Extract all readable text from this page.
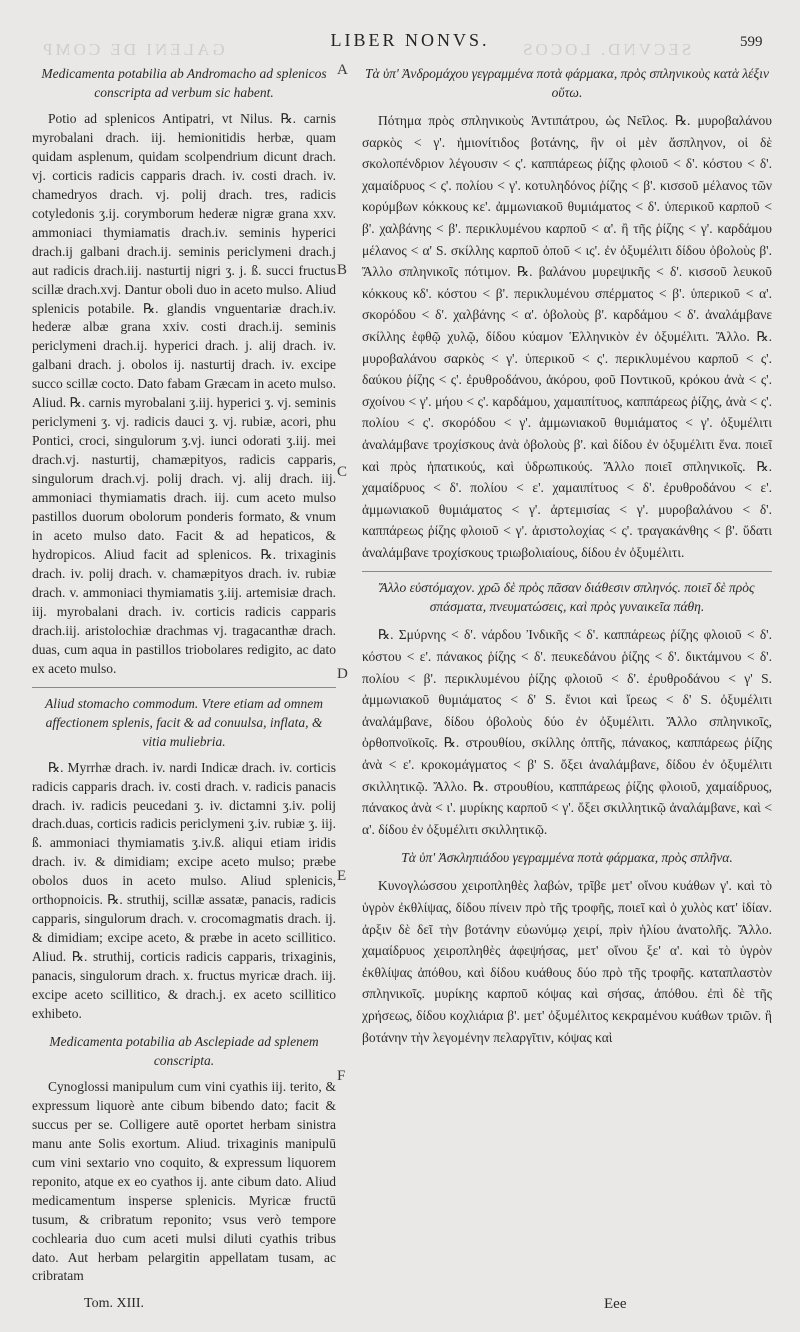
GALENI DE COMP	SECVND. LOCOS
LIBER NONVS.	599
Medicamenta potabilia ab Andromacho ad splenicos conscripta ad verbum sic habent.

Potio ad splenicos Antipatri, vt Nilus. ℞. carnis myrobalani drach. iij. hemionitidis herbæ, quam quidam asplenum, quidam scolpendrium dicunt drach. vj. corticis radicis capparis drach. iv. costi drach. iv. chamedryos drach. vj. polij drach. tres, radicis cotyledonis ʒ.ij. corymborum hederæ nigræ grana xxv. ammoniaci thymiamatis drach.iv. seminis hyperici drach.ij galbani drach.ij. seminis periclymeni drach.j aut radicis drach.iij. nasturtij nigri ʒ. j. ß. succi fructus scillæ drach.xvj. Dantur oboli duo in aceto mulso. Aliud splenicis potabile. ℞. glandis vnguentariæ drach.iv. hederæ albæ grana xxiv. costi drach.ij. seminis periclymeni drach.ij. hyperici drach. j. alij drach. iv. galbani drach. j. obolos ij. nasturtij drach. iv. excipe succo scillæ cocto. Dato fabam Græcam in aceto mulso. Aliud. ℞. carnis myrobalani ʒ.iij. hyperici ʒ. vj. seminis periclymeni ʒ. vj. radicis dauci ʒ. vj. rubiæ, acori, phu Pontici, croci, singulorum ʒ.vj. iunci odorati ʒ.iij. mei drach.vj. nasturtij, chamæpityos, radicis capparis, singulorum drach.vj. polij drach. vj. alij drach. iij. ammoniaci thymiamatis drach. iij. cum aceto mulso pastillos duorum obolorum ponderis formato, & vnum in aceto mulso dato. Facit & ad hepaticos, & hydropicos. Aliud facit ad splenicos. ℞. trixaginis drach. iv. polij drach. v. chamæpityos drach. iv. rubiæ drach. v. ammoniaci thymiamatis ʒ.iij. artemisiæ drach. iij. myrobalani drach. iv. corticis radicis capparis drach.iij. aristolochiæ drachmas vj. tragacanthæ drach. duas, cum aqua in pastillos triobolares redigito, ac dato ex aceto mulso.

Aliud stomacho commodum. Vtere etiam ad omnem affectionem splenis, facit & ad conuulsa, inflata, & vitia muliebria.

℞. Myrrhæ drach. iv. nardi Indicæ drach. iv. corticis radicis capparis drach. iv. costi drach. v. radicis panacis drach. iv. radicis peucedani ʒ. iv. dictamni ʒ.iv. polij drach.duas, corticis radicis periclymeni ʒ.iv. rubiæ ʒ. iij. ß. ammoniaci thymiamatis ʒ.iv.ß. aliqui etiam iridis drach. iv. & dimidiam; excipe aceto mulso; præbe obolos duos in aceto mulso. Aliud splenicis, orthopnoicis. ℞. struthij, scillæ assatæ, panacis, radicis capparis, singulorum drach. v. crocomagmatis drach. ij. & dimidiam; excipe aceto, & præbe in aceto scillitico. Aliud. ℞. struthij, corticis radicis capparis, trixaginis, panacis, singulorum drach. x. fructus myricæ drach. iij. excipe aceto scillitico, & drach.j. ex aceto scillitico exhibeto.

Medicamenta potabilia ab Asclepiade ad splenem conscripta.

Cynoglossi manipulum cum vini cyathis iij. terito, & expressum liquorè ante cibum bibendo dato; facit & succus per se. Colligere autē oportet herbam sinistra manu ante Solis exortum. Aliud. trixaginis manipulū cum vini sextario vno coquito, & expressum liquorem reponito, atque ex eo cyathos ij. ante cibum dato. Aliud medicamentum insperse splenicis. Myricæ fructū tusum, & cribratum reponito; vsus verò tempore cochlearia duo cum aceti mulsi diluti cyathis tribus dato. Aut herbam pelargitin appellatam tusam, ac cribratam

A
B
C
D
E
F
Τὰ ὑπ' Ἀνδρομάχου γεγραμμένα ποτὰ φάρμακα, πρὸς σπληνικοὺς κατὰ λέξιν οὕτω.

Πότημα πρὸς σπληνικοὺς Ἀντιπάτρου, ὡς Νεῖλος. ℞. μυροβαλάνου σαρκὸς < γ'. ἡμιονίτιδος βοτάνης, ἣν οἱ μὲν ἄσπληνον, οἱ δὲ σκολοπένδριον λέγουσιν < ς'. καππάρεως ῥίζης φλοιοῦ < δ'. κόστου < δ'. χαμαίδρυος < ς'. πολίου < γ'. κοτυληδόνος ῥίζης < β'. κισσοῦ μέλανος τῶν κορύμβων κόκκους κε'. ἀμμωνιακοῦ θυμιάματος < δ'. ὑπερικοῦ καρποῦ < β'. χαλβάνης < β'. περικλυμένου καρποῦ < α'. ἢ τῆς ῥίζης < γ'. καρδάμου μέλανος < α' S. σκίλλης καρποῦ ὀποῦ < ις'. ἐν ὀξυμέλιτι δίδου ὀβολοὺς β'. Ἄλλο σπληνικοῖς πότιμον. ℞. βαλάνου μυρεψικῆς < δ'. κισσοῦ λευκοῦ κόκκους κδ'. κόστου < β'. περικλυμένου σπέρματος < β'. ὑπερικοῦ < α'. σκορόδου < δ'. χαλβάνης < α'. ὀβολοὺς β'. καρδάμου < δ'. ἀναλάμβανε σκίλλης ἑφθῷ χυλῷ, δίδου κύαμον Ἑλληνικὸν ἐν ὀξυμέλιτι. Ἄλλο. ℞. μυροβαλάνου σαρκὸς < γ'. ὑπερικοῦ < ς'. περικλυμένου καρποῦ < ς'. δαύκου ῥίζης < ς'. ἐρυθροδάνου, ἀκόρου, φοῦ Ποντικοῦ, κρόκου ἀνὰ < ς'. σχοίνου < γ'. μήου < ς'. καρδάμου, χαμαιπίτυος, καππάρεως ῥίζης, ἀνὰ < ς'. πολίου < ς'. σκορόδου < γ'. ἀμμωνιακοῦ θυμιάματος < γ'. ὀξυμέλιτι ἀναλάμβανε τροχίσκους ἀνὰ ὀβολοὺς β'. καὶ δίδου ἐν ὀξυμέλιτι ἕνα. ποιεῖ καὶ πρὸς ἡπατικούς, καὶ ὑδρωπικούς. Ἄλλο ποιεῖ σπληνικοῖς. ℞. χαμαίδρυος < δ'. πολίου < ε'. χαμαιπίτυος < δ'. ἐρυθροδάνου < ε'. ἀμμωνιακοῦ θυμιάματος < γ'. ἀρτεμισίας < γ'. μυροβαλάνου < δ'. καππάρεως ῥίζης φλοιοῦ < γ'. ἀριστολοχίας < ς'. τραγακάνθης < β'. ὕδατι ἀναλάμβανε τροχίσκους τριωβολιαίους, δίδου ἐν ὀξυμέλιτι.

Ἄλλο εὐστόμαχον. χρῶ δὲ πρὸς πᾶσαν διάθεσιν σπληνός. ποιεῖ δὲ πρὸς σπάσματα, πνευματώσεις, καὶ πρὸς γυναικεῖα πάθη.

℞. Σμύρνης < δ'. νάρδου Ἰνδικῆς < δ'. καππάρεως ῥίζης φλοιοῦ < δ'. κόστου < ε'. πάνακος ῥίζης < δ'. πευκεδάνου ῥίζης < δ'. δικτάμνου < δ'. πολίου < β'. περικλυμένου ῥίζης φλοιοῦ < δ'. ἐρυθροδάνου < γ' S. ἀμμωνιακοῦ θυμιάματος < δ' S. ἔνιοι καὶ ἴρεως < δ' S. ὀξυμέλιτι ἀναλάμβανε, δίδου ὀβολοὺς δύο ἐν ὀξυμέλιτι. Ἄλλο σπληνικοῖς, ὀρθοπνοϊκοῖς. ℞. στρουθίου, σκίλλης ὀπτῆς, πάνακος, καππάρεως ῥίζης ἀνὰ < ε'. κροκομάγματος < β' S. ὄξει ἀναλάμβανε, δίδου ἐν ὀξυμέλιτι σκιλλητικῷ. Ἄλλο. ℞. στρουθίου, καππάρεως ῥίζης φλοιοῦ, χαμαίδρυος, πάνακος ἀνὰ < ι'. μυρίκης καρποῦ < γ'. ὄξει σκιλλητικῷ ἀναλάμβανε, καὶ < α'. δίδου ἐν ὀξυμέλιτι σκιλλητικῷ.

Τὰ ὑπ' Ἀσκληπιάδου γεγραμμένα ποτὰ φάρμακα, πρὸς σπλῆνα.

Κυνογλώσσου χειροπληθὲς λαβών, τρῖβε μετ' οἴνου κυάθων γ'. καὶ τὸ ὑγρὸν ἐκθλίψας, δίδου πίνειν πρὸ τῆς τροφῆς, ποιεῖ καὶ ὁ χυλὸς κατ' ἰδίαν. ἀρξιν δὲ δεῖ τὴν βοτάνην εὐωνύμῳ χειρί, πρὶν ἡλίου ἀνατολῆς. Ἄλλο. χαμαίδρυος χειροπληθὲς ἀφεψήσας, μετ' οἴνου ξε' α'. καὶ τὸ ὑγρὸν ἐκθλίψας ἀπόθου, καὶ δίδου κυάθους δύο πρὸ τῆς τροφῆς. καταπλαστὸν σπληνικοῖς. μυρίκης καρποῦ κόψας καὶ σήσας, ἀπόθου. ἐπὶ δὲ τῆς χρήσεως, δίδου κοχλιάρια β'. μετ' ὀξυμέλιτος κεκραμένου κυάθων τριῶν. ἢ βοτάνην τὴν λεγομένην πελαργῖτιν, κόψας καὶ

Tom. XIII.	Eee
